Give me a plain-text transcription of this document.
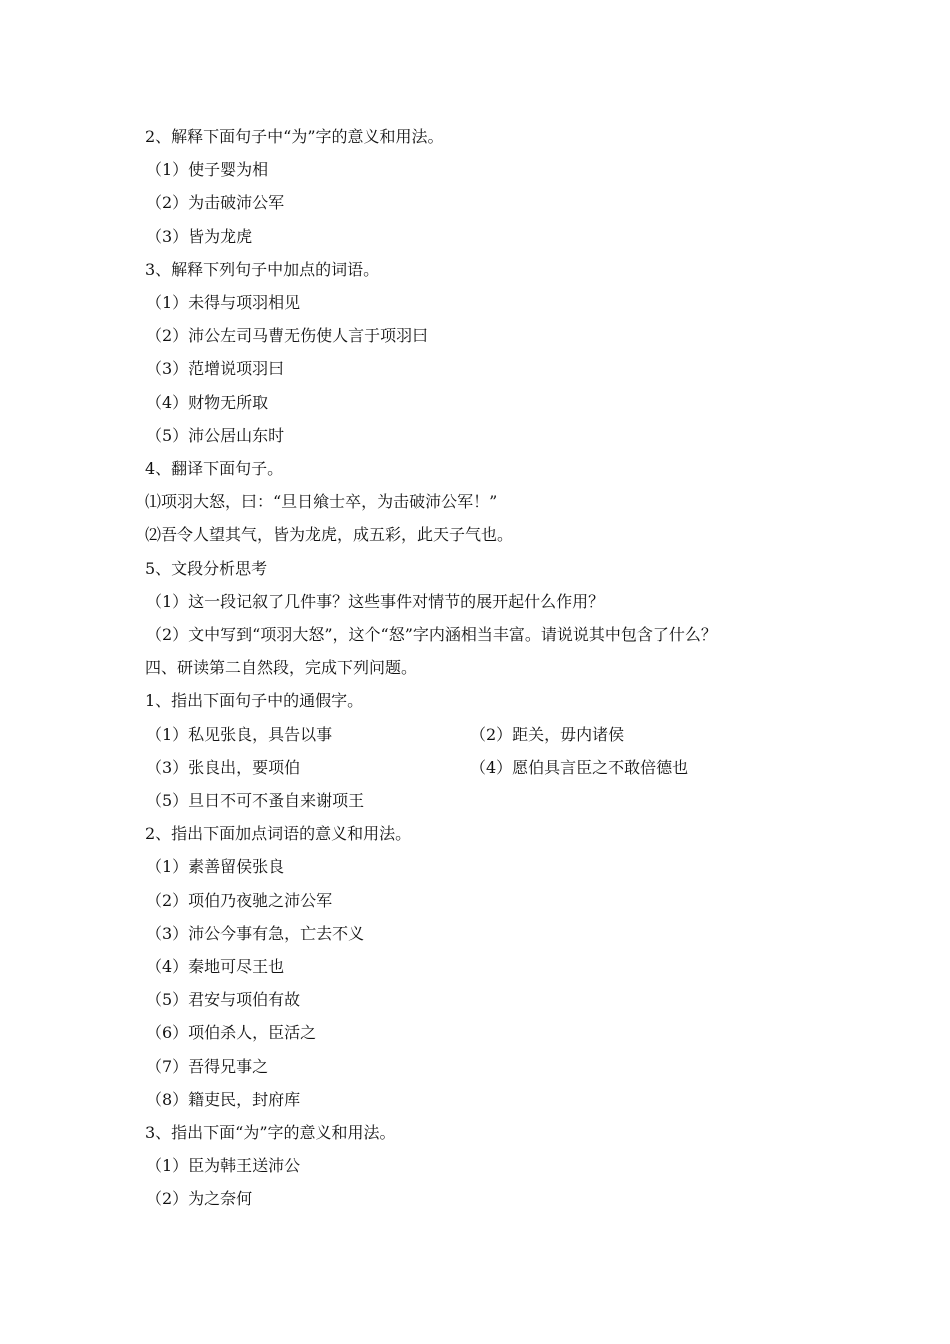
2、解释下面句子中“为”字的意义和用法。
（1）使子婴为相
（2）为击破沛公军
（3）皆为龙虎
3、解释下列句子中加点的词语。
（1）未得与项羽相见
（2）沛公左司马曹无伤使人言于项羽曰
（3）范增说项羽曰
（4）财物无所取
（5）沛公居山东时
4、翻译下面句子。
⑴项羽大怒，曰：“旦日飨士卒，为击破沛公军！”
⑵吾令人望其气，皆为龙虎，成五彩，此天子气也。
5、文段分析思考
（1）这一段记叙了几件事？这些事件对情节的展开起什么作用？
（2）文中写到“项羽大怒”，这个“怒”字内涵相当丰富。请说说其中包含了什么？
四、研读第二自然段，完成下列问题。
1、指出下面句子中的通假字。
（1）私见张良，具告以事	（2）距关，毋内诸侯
（3）张良出，要项伯	（4）愿伯具言臣之不敢倍德也
（5）旦日不可不蚤自来谢项王
2、指出下面加点词语的意义和用法。
（1）素善留侯张良
（2）项伯乃夜驰之沛公军
（3）沛公今事有急，亡去不义
（4）秦地可尽王也
（5）君安与项伯有故
（6）项伯杀人，臣活之
（7）吾得兄事之
（8）籍吏民，封府库
3、指出下面“为”字的意义和用法。
（1）臣为韩王送沛公
（2）为之奈何
